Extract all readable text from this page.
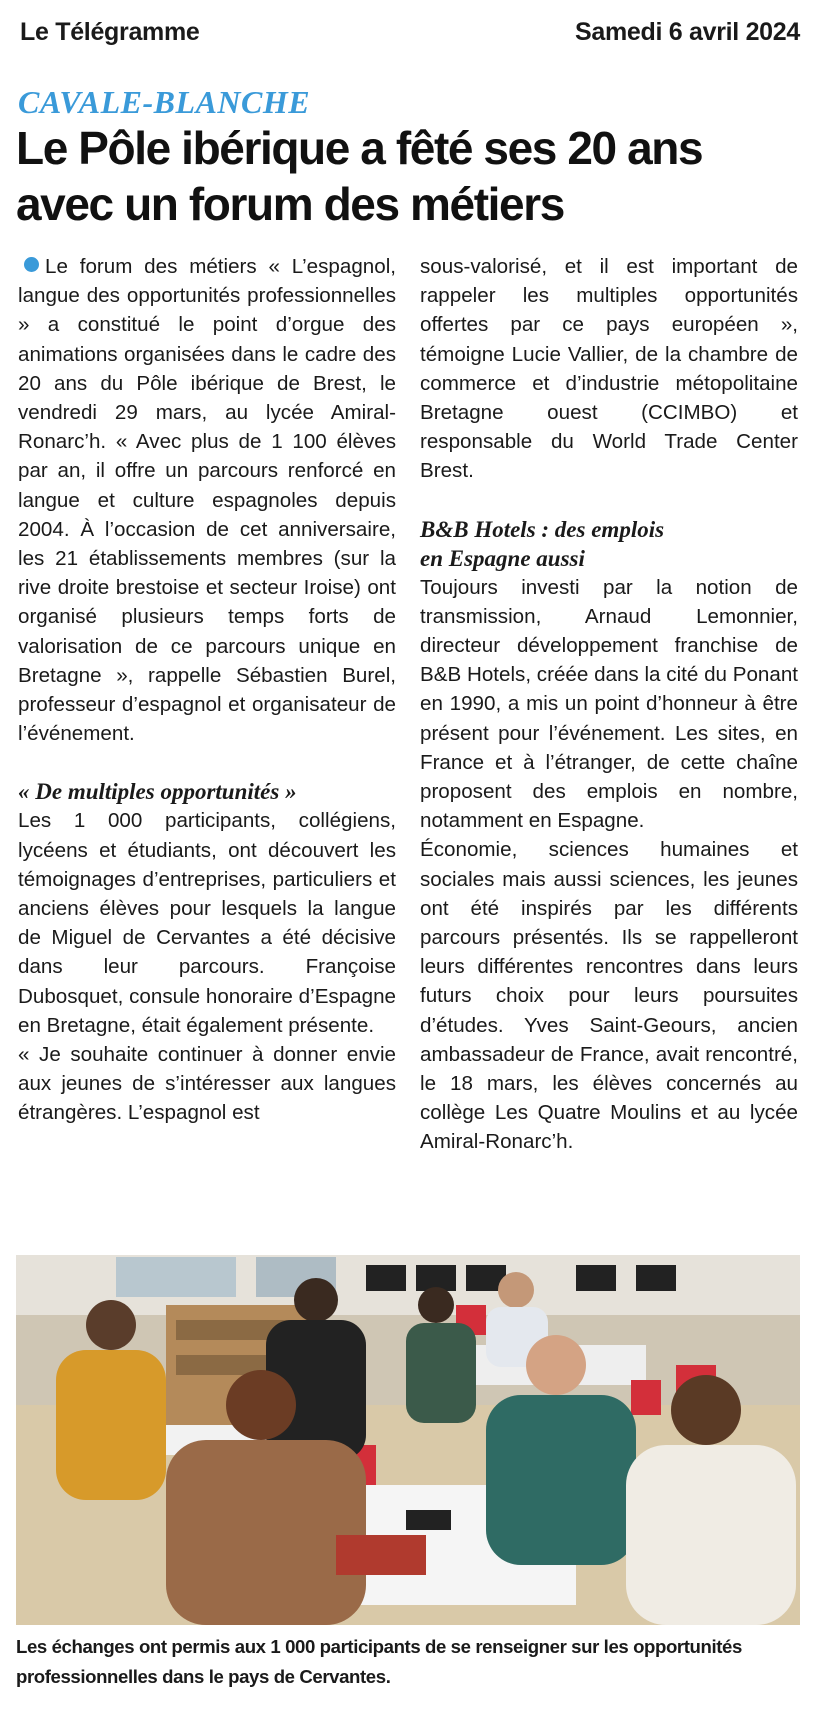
Le Télégramme	Samedi 6 avril 2024
CAVALE-BLANCHE
Le Pôle ibérique a fêté ses 20 ans
avec un forum des métiers

Le forum des métiers « L’espagnol, langue des opportunités professionnelles » a constitué le point d’orgue des animations organisées dans le cadre des 20 ans du Pôle ibérique de Brest, le vendredi 29 mars, au lycée Amiral-Ronarc’h. « Avec plus de 1 100 élèves par an, il offre un parcours renforcé en langue et culture espagnoles depuis 2004. À l’occasion de cet anniversaire, les 21 établissements membres (sur la rive droite brestoise et secteur Iroise) ont organisé plusieurs temps forts de valorisation de ce parcours unique en Bretagne », rappelle Sébastien Burel, professeur d’espagnol et organisateur de l’événement.

« De multiples opportunités »

Les 1 000 participants, collégiens, lycéens et étudiants, ont découvert les témoignages d’entreprises, particuliers et anciens élèves pour lesquels la langue de Miguel de Cervantes a été décisive dans leur parcours. Françoise Dubosquet, consule honoraire d’Espagne en Bretagne, était également présente.

« Je souhaite continuer à donner envie aux jeunes de s’intéresser aux langues étrangères. L’espagnol est

sous-valorisé, et il est important de rappeler les multiples opportunités offertes par ce pays européen », témoigne Lucie Vallier, de la chambre de commerce et d’industrie métopolitaine Bretagne ouest (CCIMBO) et responsable du World Trade Center Brest.

B&B Hotels : des emplois
en Espagne aussi

Toujours investi par la notion de transmission, Arnaud Lemonnier, directeur développement franchise de B&B Hotels, créée dans la cité du Ponant en 1990, a mis un point d’honneur à être présent pour l’événement. Les sites, en France et à l’étranger, de cette chaîne proposent des emplois en nombre, notamment en Espagne.

Économie, sciences humaines et sociales mais aussi sciences, les jeunes ont été inspirés par les différents parcours présentés. Ils se rappelleront leurs différentes rencontres dans leurs futurs choix pour leurs poursuites d’études. Yves Saint-Geours, ancien ambassadeur de France, avait rencontré, le 18 mars, les élèves concernés au collège Les Quatre Moulins et au lycée Amiral-Ronarc’h.

Les échanges ont permis aux 1 000 participants de se renseigner sur les opportunités professionnelles dans le pays de Cervantes.
